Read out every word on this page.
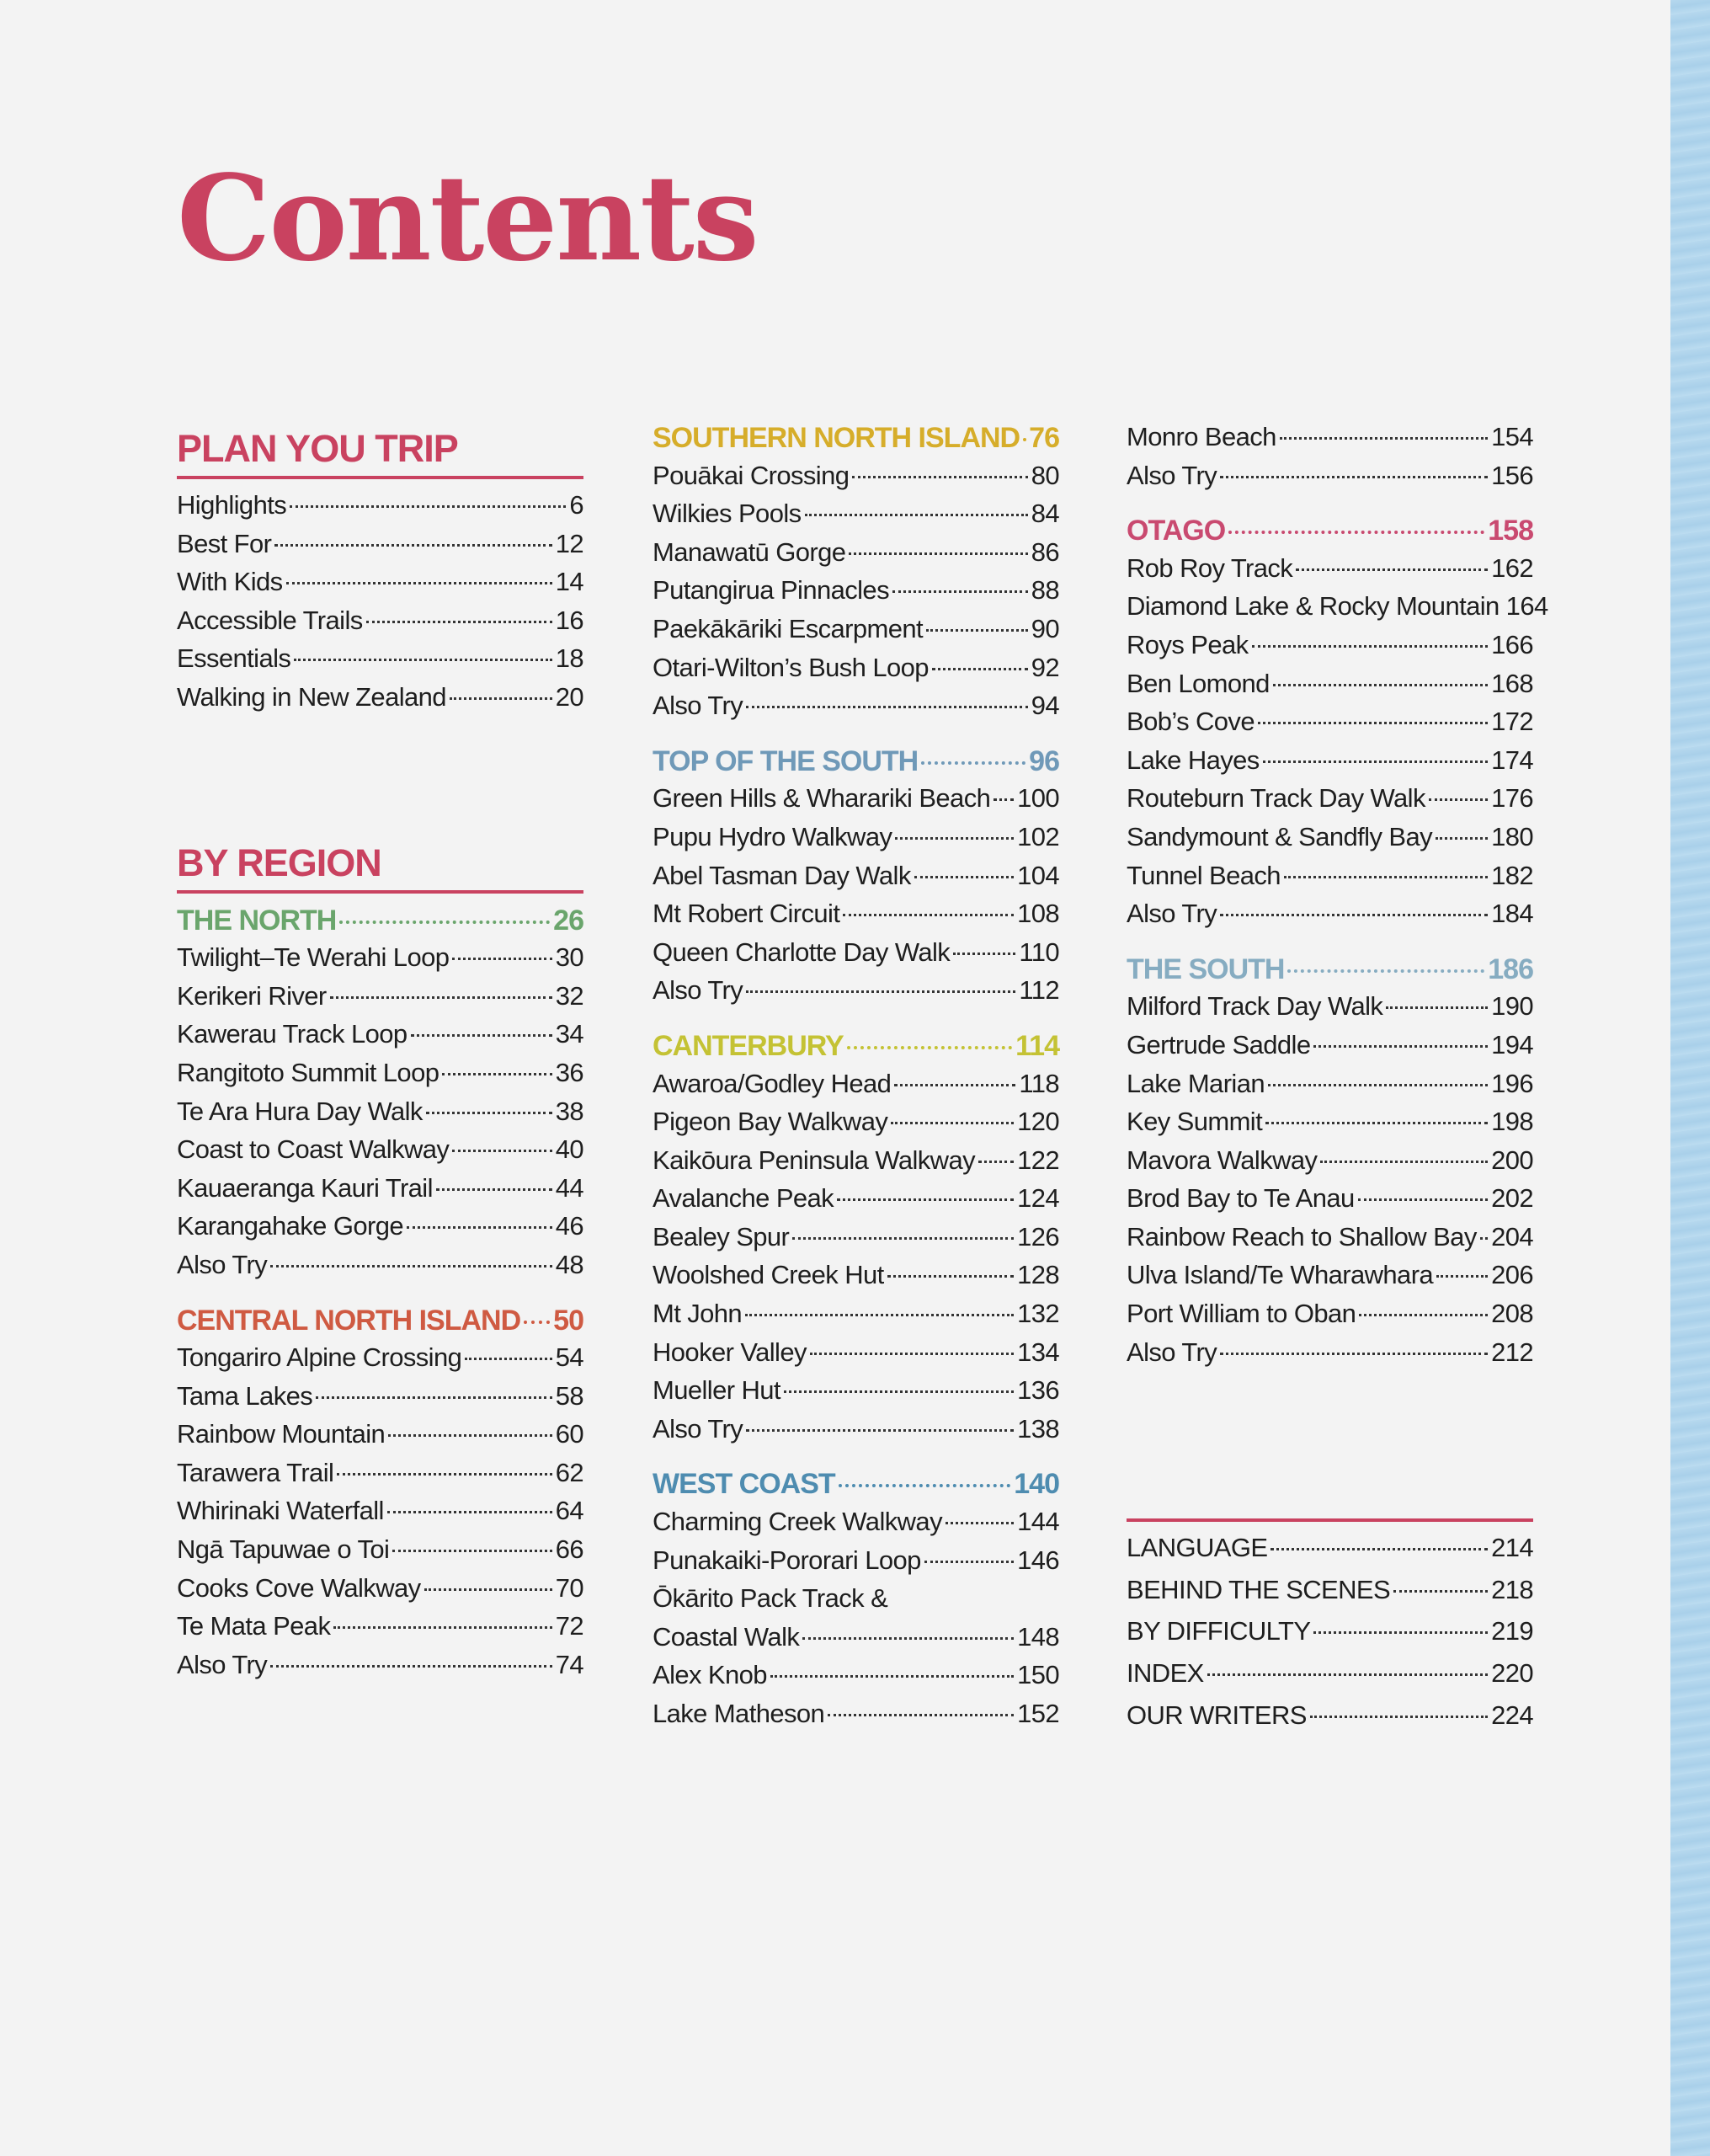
Contents
PLAN YOU TRIP
Highlights	6
Best For	12
With Kids	14
Accessible Trails	16
Essentials	18
Walking in New Zealand	20
BY REGION
THE NORTH	26
Twilight–Te Werahi Loop	30
Kerikeri River	32
Kawerau Track Loop	34
Rangitoto Summit Loop	36
Te Ara Hura Day Walk	38
Coast to Coast Walkway	40
Kauaeranga Kauri Trail	44
Karangahake Gorge	46
Also Try	48
CENTRAL NORTH ISLAND 50
Tongariro Alpine Crossing	54
Tama Lakes	58
Rainbow Mountain	60
Tarawera Trail	62
Whirinaki Waterfall	64
Ngā Tapuwae o Toi	66
Cooks Cove Walkway	70
Te Mata Peak	72
Also Try	74
SOUTHERN NORTH ISLAND 76
Pouākai Crossing	80
Wilkies Pools	84
Manawatū Gorge	86
Putangirua Pinnacles	88
Paekākāriki Escarpment	90
Otari-Wilton’s Bush Loop	92
Also Try	94
TOP OF THE SOUTH	96
Green Hills & Wharariki Beach 100
Pupu Hydro Walkway	102
Abel Tasman Day Walk	104
Mt Robert Circuit	108
Queen Charlotte Day Walk	110
Also Try	112
CANTERBURY	114
Awaroa/Godley Head	118
Pigeon Bay Walkway	120
Kaikōura Peninsula Walkway 122
Avalanche Peak	124
Bealey Spur	126
Woolshed Creek Hut	128
Mt John	132
Hooker Valley	134
Mueller Hut	136
Also Try	138
WEST COAST	140
Charming Creek Walkway	144
Punakaiki-Pororari Loop	146
Ōkārito Pack Track &
Coastal Walk	148
Alex Knob	150
Lake Matheson	152
Monro Beach	154
Also Try	156
OTAGO	158
Rob Roy Track	162
Diamond Lake & Rocky Mountain 164
Roys Peak	166
Ben Lomond	168
Bob’s Cove	172
Lake Hayes	174
Routeburn Track Day Walk	176
Sandymount & Sandfly Bay 180
Tunnel Beach	182
Also Try	184
THE SOUTH	186
Milford Track Day Walk	190
Gertrude Saddle	194
Lake Marian	196
Key Summit	198
Mavora Walkway	200
Brod Bay to Te Anau	202
Rainbow Reach to Shallow Bay 204
Ulva Island/Te Wharawhara 206
Port William to Oban	208
Also Try	212
LANGUAGE	214
BEHIND THE SCENES	218
BY DIFFICULTY	219
INDEX	220
OUR WRITERS	224
